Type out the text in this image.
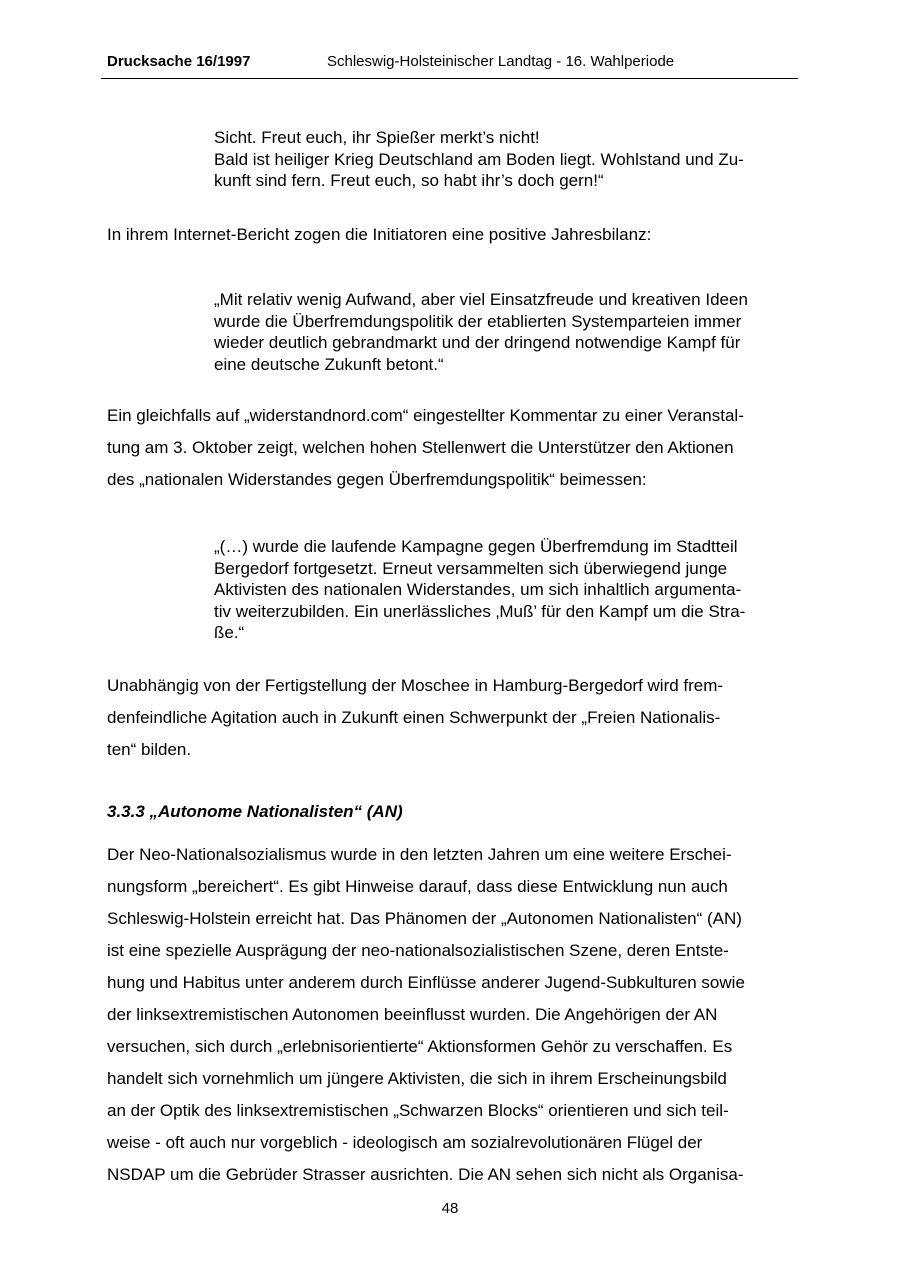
Drucksache 16/1997	Schleswig-Holsteinischer Landtag - 16. Wahlperiode

Sicht. Freut euch, ihr Spießer merkt’s nicht!

Bald ist heiliger Krieg Deutschland am Boden liegt. Wohlstand und Zu-

kunft sind fern. Freut euch, so habt ihr’s doch gern!“

In ihrem Internet-Bericht zogen die Initiatoren eine positive Jahresbilanz:

„Mit relativ wenig Aufwand, aber viel Einsatzfreude und kreativen Ideen

wurde die Überfremdungspolitik der etablierten Systemparteien immer

wieder deutlich gebrandmarkt und der dringend notwendige Kampf für

eine deutsche Zukunft betont.“

Ein gleichfalls auf „widerstandnord.com“ eingestellter Kommentar zu einer Veranstal-

tung am 3. Oktober zeigt, welchen hohen Stellenwert die Unterstützer den Aktionen

des „nationalen Widerstandes gegen Überfremdungspolitik“ beimessen:

„(…) wurde die laufende Kampagne gegen Überfremdung im Stadtteil

Bergedorf fortgesetzt. Erneut versammelten sich überwiegend junge

Aktivisten des nationalen Widerstandes, um sich inhaltlich argumenta-

tiv weiterzubilden. Ein unerlässliches ‚Muß’ für den Kampf um die Stra-

ße.“

Unabhängig von der Fertigstellung der Moschee in Hamburg-Bergedorf wird frem-

denfeindliche Agitation auch in Zukunft einen Schwerpunkt der „Freien Nationalis-

ten“ bilden.

3.3.3 „Autonome Nationalisten“ (AN)

Der Neo-Nationalsozialismus wurde in den letzten Jahren um eine weitere Erschei-

nungsform „bereichert“. Es gibt Hinweise darauf, dass diese Entwicklung nun auch

Schleswig-Holstein erreicht hat. Das Phänomen der „Autonomen Nationalisten“ (AN)

ist eine spezielle Ausprägung der neo-nationalsozialistischen Szene, deren Entste-

hung und Habitus unter anderem durch Einflüsse anderer Jugend-Subkulturen sowie

der linksextremistischen Autonomen beeinflusst wurden. Die Angehörigen der AN

versuchen, sich durch „erlebnisorientierte“ Aktionsformen Gehör zu verschaffen. Es

handelt sich vornehmlich um jüngere Aktivisten, die sich in ihrem Erscheinungsbild

an der Optik des linksextremistischen „Schwarzen Blocks“ orientieren und sich teil-

weise - oft auch nur vorgeblich - ideologisch am sozialrevolutionären Flügel der

NSDAP um die Gebrüder Strasser ausrichten. Die AN sehen sich nicht als Organisa-

48
